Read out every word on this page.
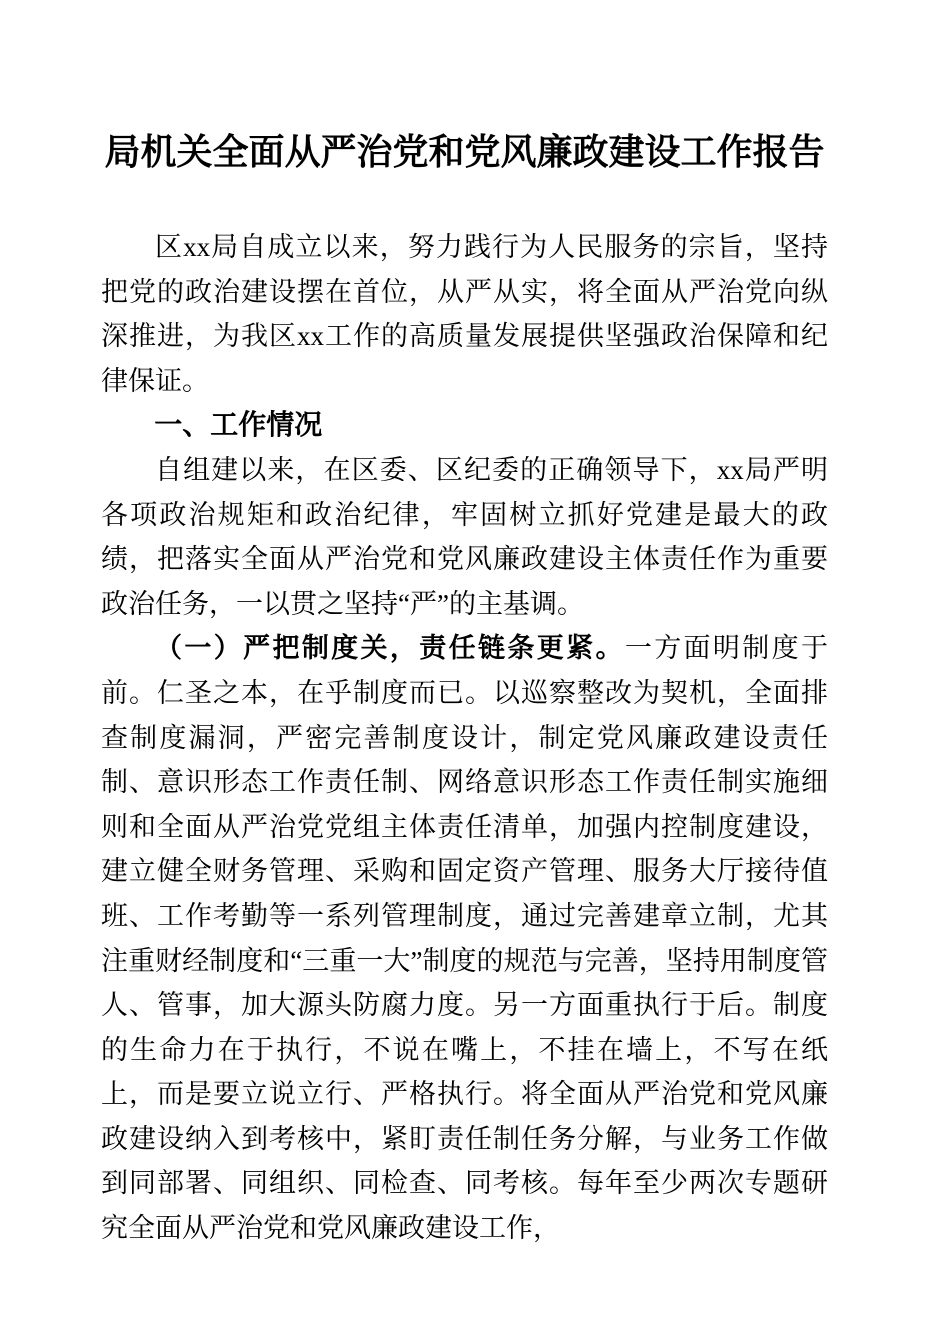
局机关全面从严治党和党风廉政建设工作报告

区xx局自成立以来，努力践行为人民服务的宗旨，坚持把党的政治建设摆在首位，从严从实，将全面从严治党向纵深推进，为我区xx工作的高质量发展提供坚强政治保障和纪律保证。

一、工作情况

自组建以来，在区委、区纪委的正确领导下，xx局严明各项政治规矩和政治纪律，牢固树立抓好党建是最大的政绩，把落实全面从严治党和党风廉政建设主体责任作为重要政治任务，一以贯之坚持“严”的主基调。

（一）严把制度关，责任链条更紧。一方面明制度于前。仁圣之本，在乎制度而已。以巡察整改为契机，全面排查制度漏洞，严密完善制度设计，制定党风廉政建设责任制、意识形态工作责任制、网络意识形态工作责任制实施细则和全面从严治党党组主体责任清单，加强内控制度建设，建立健全财务管理、采购和固定资产管理、服务大厅接待值班、工作考勤等一系列管理制度，通过完善建章立制，尤其注重财经制度和“三重一大”制度的规范与完善，坚持用制度管人、管事，加大源头防腐力度。另一方面重执行于后。制度的生命力在于执行，不说在嘴上，不挂在墙上，不写在纸上，而是要立说立行、严格执行。将全面从严治党和党风廉政建设纳入到考核中，紧盯责任制任务分解，与业务工作做到同部署、同组织、同检查、同考核。每年至少两次专题研究全面从严治党和党风廉政建设工作，
